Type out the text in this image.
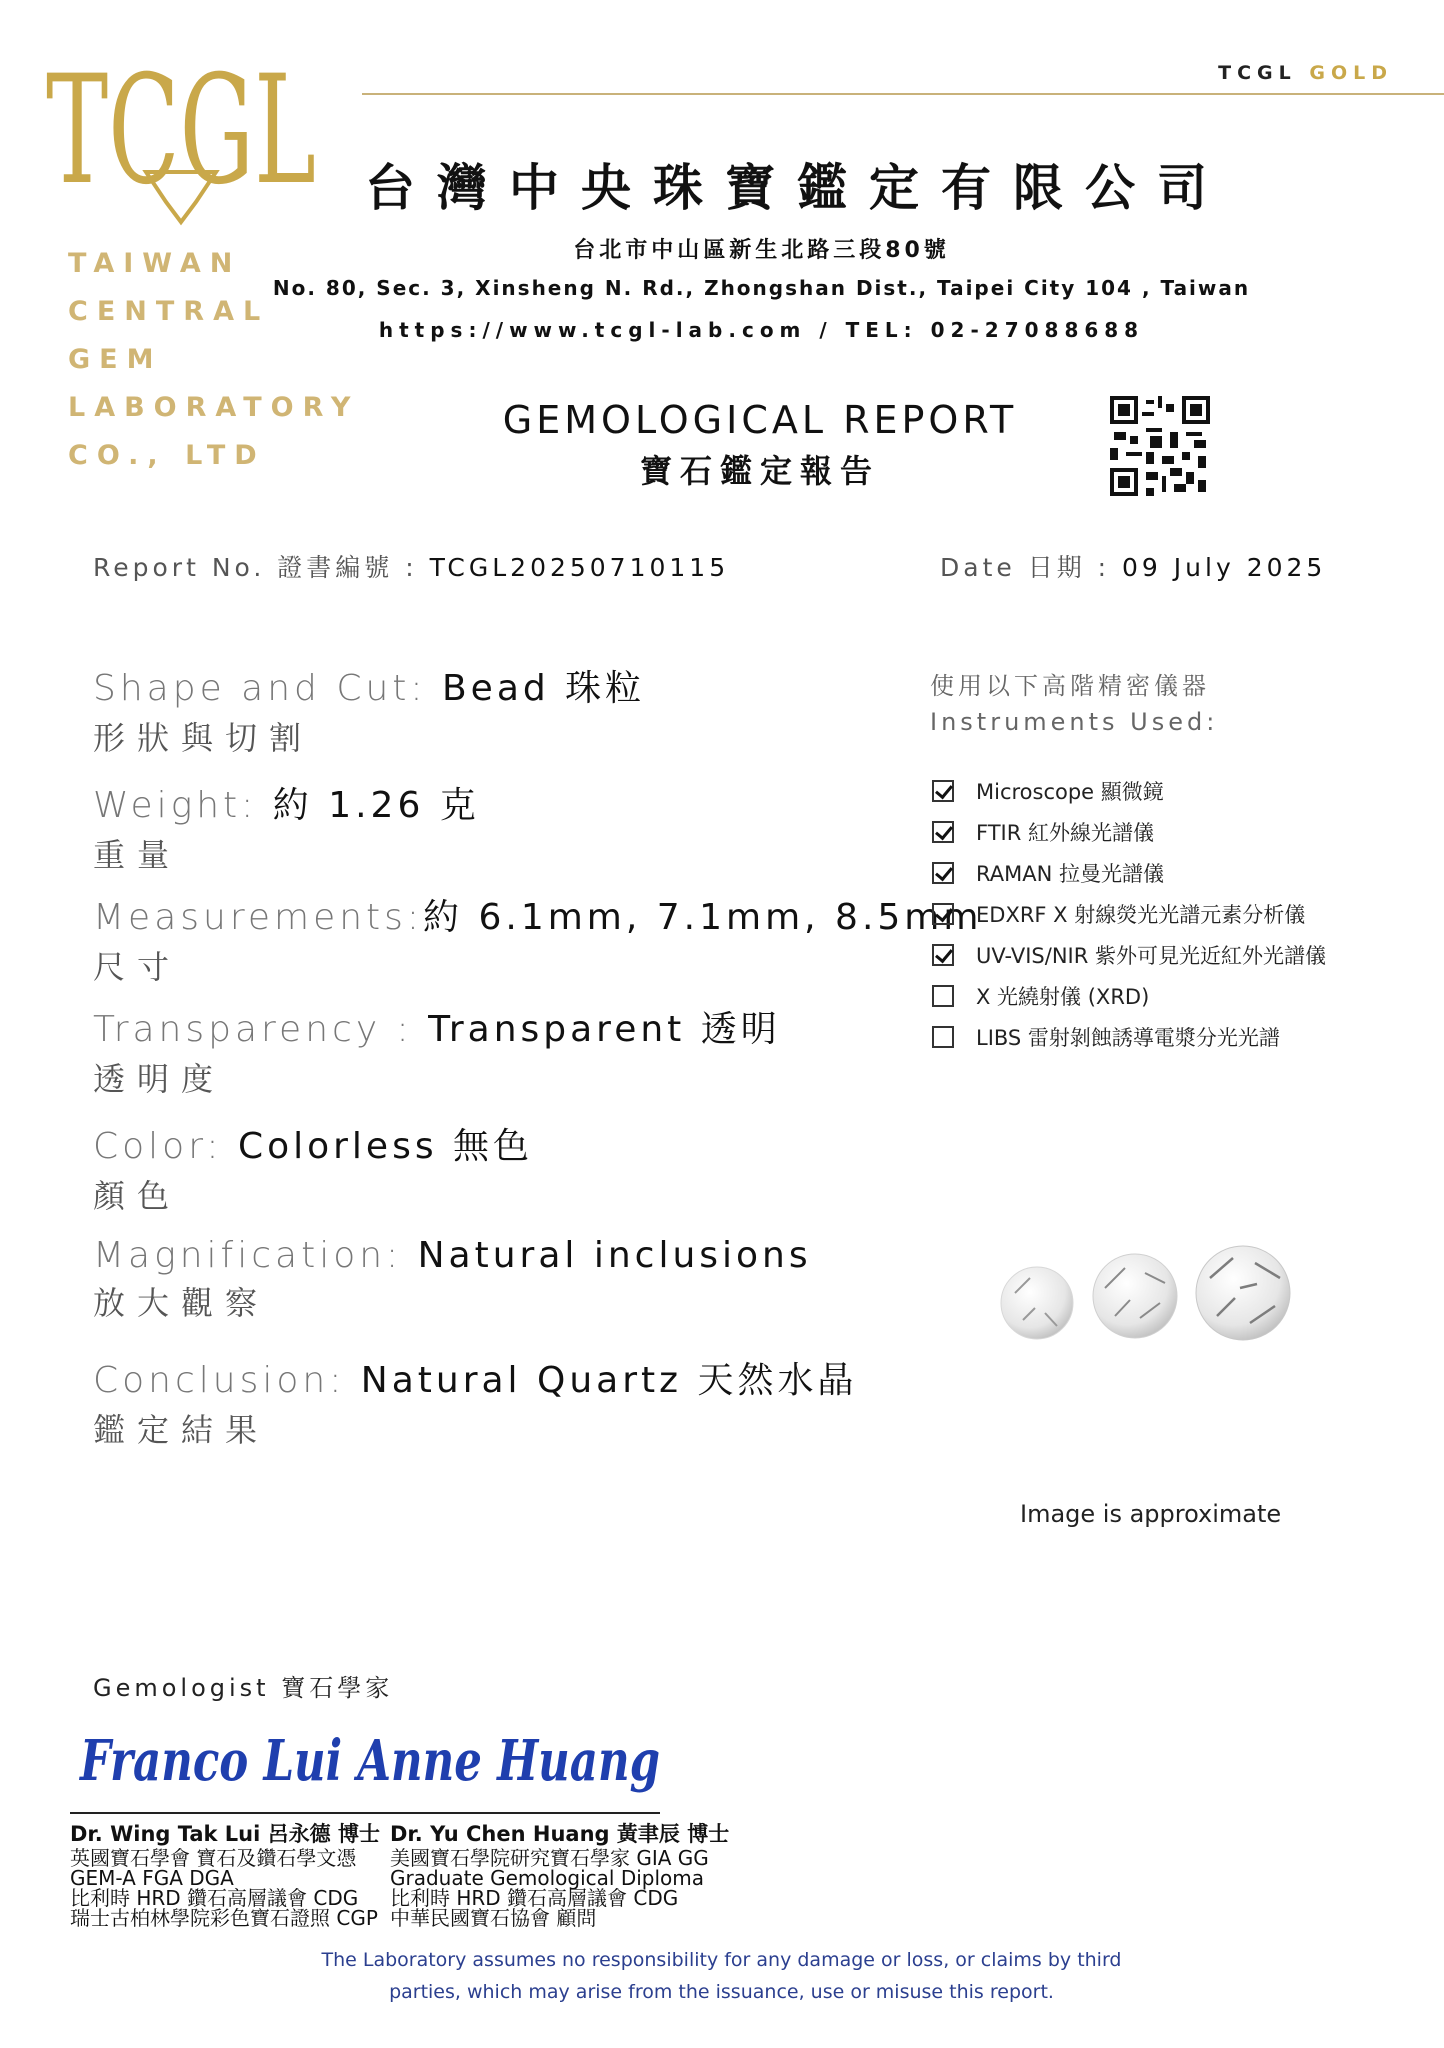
TCGL GOLD
TCGL
TAIWAN
CENTRAL
GEM
LABORATORY
CO., LTD
台灣中央珠寶鑑定有限公司
台北市中山區新生北路三段80號
No. 80, Sec. 3, Xinsheng N. Rd., Zhongshan Dist., Taipei City 104 , Taiwan
https://www.tcgl-lab.com / TEL: 02-27088688
GEMOLOGICAL REPORT
寶石鑑定報告
Report No. 證書編號 : TCGL20250710115	Date 日期 : 09 July 2025
Shape and Cut: Bead 珠粒
形狀與切割
Weight: 約 1.26 克
重量
Measurements:約 6.1mm, 7.1mm, 8.5mm
尺寸
Transparency : Transparent 透明
透明度
Color: Colorless 無色
顏色
Magnification: Natural inclusions
放大觀察
Conclusion: Natural Quartz 天然水晶
鑑定結果
使用以下高階精密儀器
Instruments Used:
Microscope 顯微鏡
FTIR 紅外線光譜儀
RAMAN 拉曼光譜儀
EDXRF X 射線熒光光譜元素分析儀
UV-VIS/NIR 紫外可見光近紅外光譜儀
X 光繞射儀 (XRD)
LIBS 雷射剝蝕誘導電漿分光光譜
Image is approximate
Gemologist 寶石學家
Franco Lui Anne Huang
Dr. Wing Tak Lui 呂永德 博士
英國寶石學會 寶石及鑽石學文憑
GEM-A FGA DGA
比利時 HRD 鑽石高層議會 CDG
瑞士古柏林學院彩色寶石證照 CGP
Dr. Yu Chen Huang 黃聿辰 博士
美國寶石學院研究寶石學家 GIA GG
Graduate Gemological Diploma
比利時 HRD 鑽石高層議會 CDG
中華民國寶石協會 顧問
The Laboratory assumes no responsibility for any damage or loss, or claims by third
parties, which may arise from the issuance, use or misuse this report.
